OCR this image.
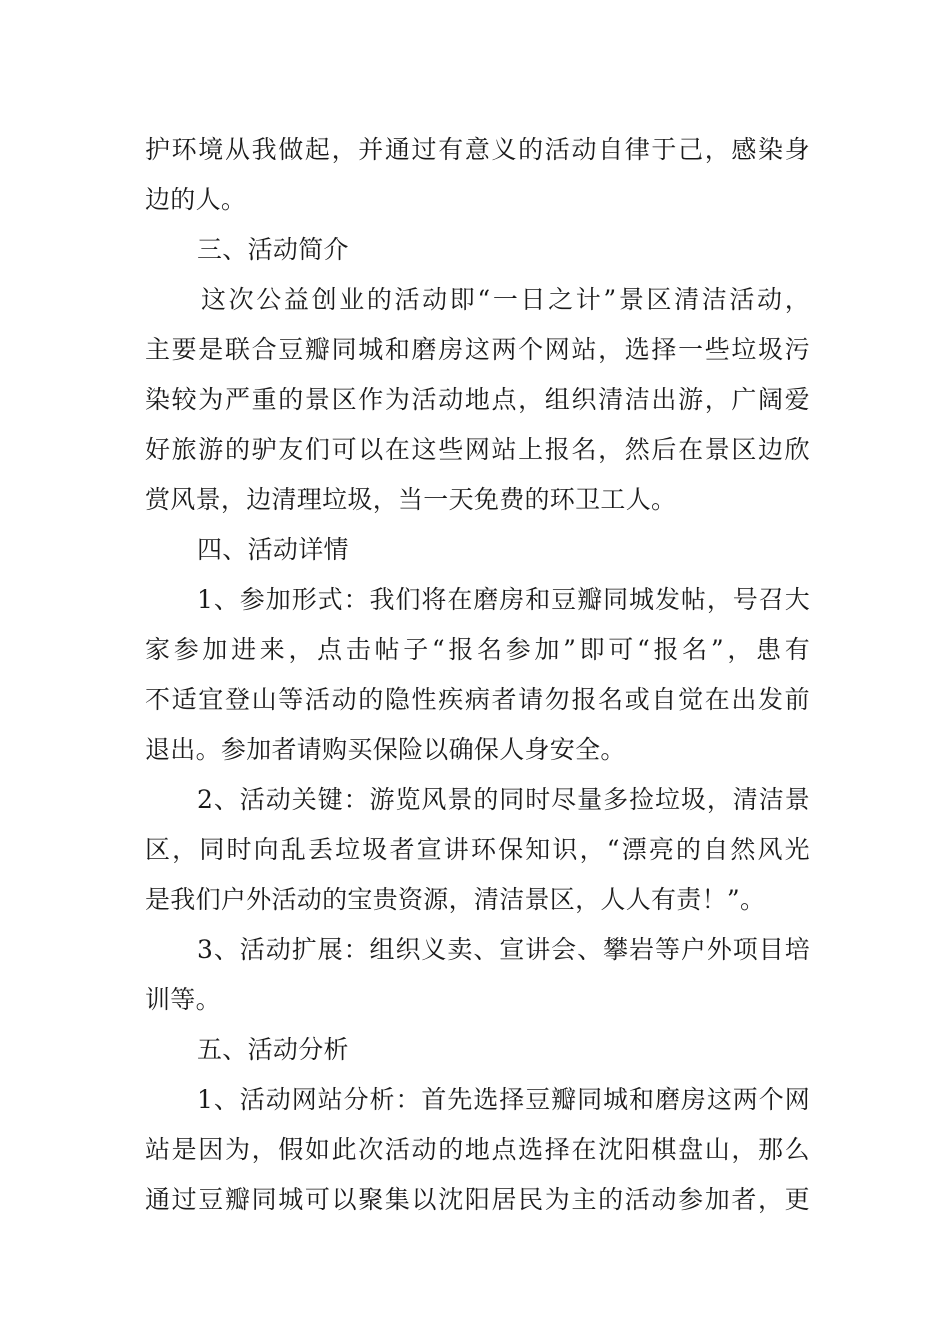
护环境从我做起，并通过有意义的活动自律于己，感染身
边的人。
三、活动简介
这次公益创业的活动即“一日之计”景区清洁活动，
主要是联合豆瓣同城和磨房这两个网站，选择一些垃圾污
染较为严重的景区作为活动地点，组织清洁出游，广阔爱
好旅游的驴友们可以在这些网站上报名，然后在景区边欣
赏风景，边清理垃圾，当一天免费的环卫工人。
四、活动详情
1、参加形式：我们将在磨房和豆瓣同城发帖，号召大
家参加进来，点击帖子“报名参加”即可“报名”，患有
不适宜登山等活动的隐性疾病者请勿报名或自觉在出发前
退出。参加者请购买保险以确保人身安全。
2、活动关键：游览风景的同时尽量多捡垃圾，清洁景
区，同时向乱丢垃圾者宣讲环保知识，“漂亮的自然风光
是我们户外活动的宝贵资源，清洁景区，人人有责！”。
3、活动扩展：组织义卖、宣讲会、攀岩等户外项目培
训等。
五、活动分析
1、活动网站分析：首先选择豆瓣同城和磨房这两个网
站是因为，假如此次活动的地点选择在沈阳棋盘山，那么
通过豆瓣同城可以聚集以沈阳居民为主的活动参加者，更
